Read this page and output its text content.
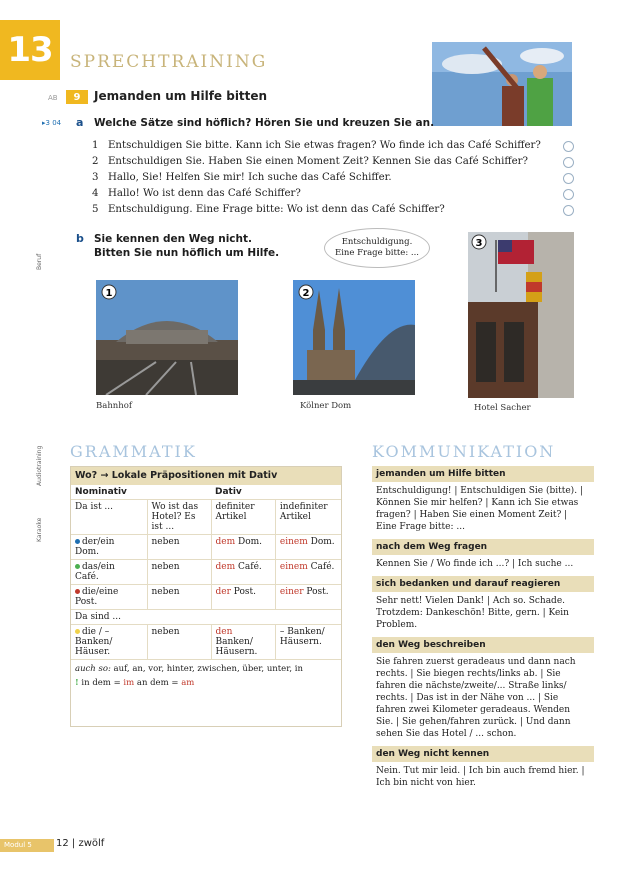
13	SPRECHTRAINING
AB	9	Jemanden um Hilfe bitten
▸3 04 a Welche Sätze sind höflich? Hören Sie und kreuzen Sie an.
1 Entschuldigen Sie bitte. Kann ich Sie etwas fragen? Wo finde ich das Café Schiffer?
2 Entschuldigen Sie. Haben Sie einen Moment Zeit? Kennen Sie das Café Schiffer?
3 Hallo, Sie! Helfen Sie mir! Ich suche das Café Schiffer.
4 Hallo! Wo ist denn das Café Schiffer?
5 Entschuldigung. Eine Frage bitte: Wo ist denn das Café Schiffer?
b Sie kennen den Weg nicht.
Bitten Sie nun höflich um Hilfe.
Entschuldigung.
Eine Frage bitte: ...
Beruf
1
Bahnhof
2
Kölner Dom
3
Hotel Sacher
Audiotraining
Karaoke
GRAMMATIK
Wo? → Lokale Präpositionen mit Dativ
Nominativ		Dativ	
Da ist ...	Wo ist das Hotel? Es ist ...	definiter Artikel	indefiniter Artikel
der/ein
Dom.	neben	dem Dom.	einem Dom.
das/ein
Café.	neben	dem Café.	einem Café.
die/eine
Post.	neben	der Post.	einer Post.
Da sind ...			
die / – Banken/ Häuser.	neben	den Banken/ Häusern.	– Banken/ Häusern.
auch so: auf, an, vor, hinter, zwischen, über, unter, in
! in dem = im an dem = am
KOMMUNIKATION
jemanden um Hilfe bitten
Entschuldigung! | Entschuldigen Sie (bitte). | Können Sie mir helfen? | Kann ich Sie etwas fragen? | Haben Sie einen Moment Zeit? | Eine Frage bitte: ...
nach dem Weg fragen
Kennen Sie / Wo finde ich ...? | Ich suche ...
sich bedanken und darauf reagieren
Sehr nett! Vielen Dank! | Ach so. Schade. Trotzdem: Dankeschön! Bitte, gern. | Kein Problem.
den Weg beschreiben
Sie fahren zuerst geradeaus und dann nach rechts. | Sie biegen rechts/links ab. | Sie fahren die nächste/zweite/... Straße links/ rechts. | Das ist in der Nähe von ... | Sie fahren zwei Kilometer geradeaus. Wenden Sie. | Sie gehen/fahren zurück. | Und dann sehen Sie das Hotel / ... schon.
den Weg nicht kennen
Nein. Tut mir leid. | Ich bin auch fremd hier. | Ich bin nicht von hier.
Modul 5	12 | zwölf
